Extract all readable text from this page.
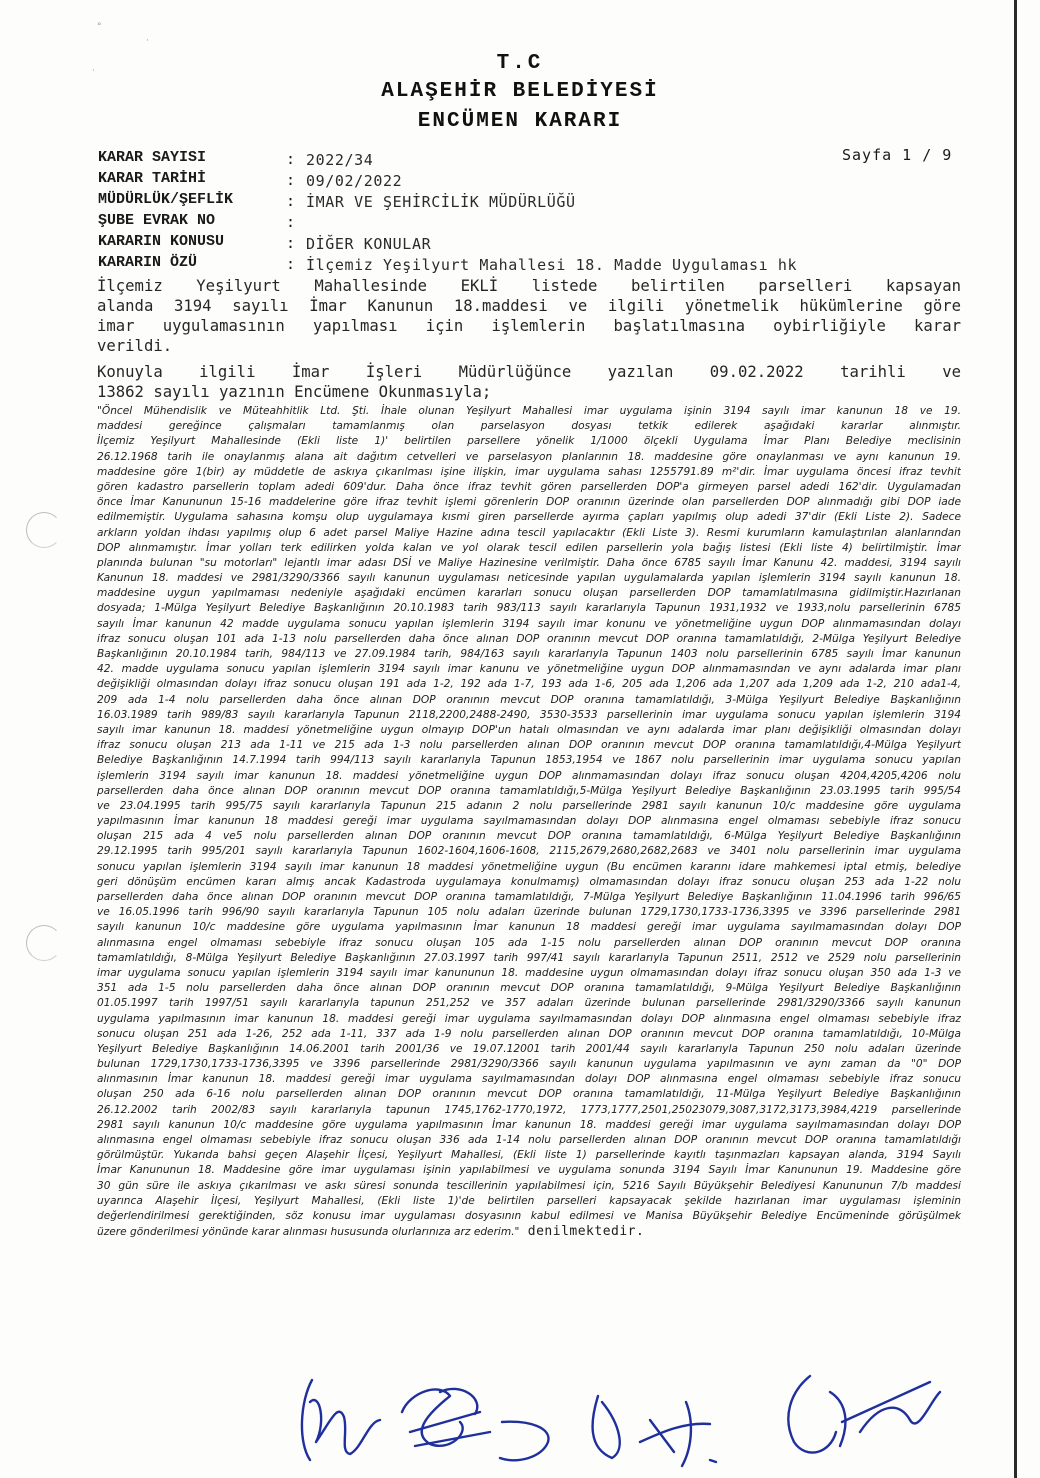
°
·
·	T.C
ALAŞEHİR BELEDİYESİ
ENCÜMEN KARARI
Sayfa 1 / 9
KARAR SAYISI	: 2022/34
KARAR TARİHİ	: 09/02/2022
MÜDÜRLÜK/ŞEFLİK	: İMAR VE ŞEHİRCİLİK MÜDÜRLÜĞÜ
ŞUBE EVRAK NO	:
KARARIN KONUSU	: DİĞER KONULAR
KARARIN ÖZÜ	: İlçemiz Yeşilyurt Mahallesi 18. Madde Uygulaması hk
İlçemiz Yeşilyurt Mahallesinde EKLİ listede belirtilen parselleri kapsayan
alanda 3194 sayılı İmar Kanunun 18.maddesi ve ilgili yönetmelik hükümlerine göre
imar uygulamasının yapılması için işlemlerin başlatılmasına oybirliğiyle karar
verildi.
Konuyla ilgili İmar İşleri Müdürlüğünce yazılan 09.02.2022 tarihli ve
13862 sayılı yazının Encümene Okunmasıyla;
"Öncel Mühendislik ve Müteahhitlik Ltd. Şti. İhale olunan Yeşilyurt Mahallesi imar uygulama işinin 3194 sayılı imar kanunun 18 ve 19.
maddesi gereğince çalışmaları tamamlanmış olan parselasyon dosyası tetkik edilerek aşağıdaki kararlar alınmıştır.
İlçemiz Yeşilyurt Mahallesinde (Ekli liste 1)' belirtilen parsellere yönelik 1/1000 ölçekli Uygulama İmar Planı Belediye meclisinin
26.12.1968 tarih ile onaylanmış alana ait dağıtım cetvelleri ve parselasyon planlarının 18. maddesine göre onaylanması ve aynı kanunun 19.
maddesine göre 1(bir) ay müddetle de askıya çıkarılması işine ilişkin, imar uygulama sahası 1255791.89 m²'dir. İmar uygulama öncesi ifraz tevhit
gören kadastro parsellerin toplam adedi 609'dur. Daha önce ifraz tevhit gören parsellerden DOP'a girmeyen parsel adedi 162'dir. Uygulamadan
önce İmar Kanununun 15-16 maddelerine göre ifraz tevhit işlemi görenlerin DOP oranının üzerinde olan parsellerden DOP alınmadığı gibi DOP iade
edilmemiştir. Uygulama sahasına komşu olup uygulamaya kısmi giren parsellerde ayırma çapları yapılmış olup adedi 37'dir (Ekli Liste 2). Sadece
arkların yoldan ihdası yapılmış olup 6 adet parsel Maliye Hazine adına tescil yapılacaktır (Ekli Liste 3). Resmi kurumların kamulaştırılan alanlarından
DOP alınmamıştır. İmar yolları terk edilirken yolda kalan ve yol olarak tescil edilen parsellerin yola bağış listesi (Ekli liste 4) belirtilmiştir. İmar
planında bulunan "su motorları" lejantlı imar adası DSİ ve Maliye Hazinesine verilmiştir. Daha önce 6785 sayılı İmar Kanunu 42. maddesi, 3194 sayılı
Kanunun 18. maddesi ve 2981/3290/3366 sayılı kanunun uygulaması neticesinde yapılan uygulamalarda yapılan işlemlerin 3194 sayılı kanunun 18.
maddesine uygun yapılmaması nedeniyle aşağıdaki encümen kararları sonucu oluşan parsellerden DOP tamamlatılmasına gidilmiştir.Hazırlanan
dosyada; 1-Mülga Yeşilyurt Belediye Başkanlığının 20.10.1983 tarih 983/113 sayılı kararlarıyla Tapunun 1931,1932 ve 1933,nolu parsellerinin 6785
sayılı İmar kanunun 42 madde uygulama sonucu yapılan işlemlerin 3194 sayılı imar konunu ve yönetmeliğine uygun DOP alınmamasından dolayı
ifraz sonucu oluşan 101 ada 1-13 nolu parsellerden daha önce alınan DOP oranının mevcut DOP oranına tamamlatıldığı, 2-Mülga Yeşilyurt Belediye
Başkanlığının 20.10.1984 tarih, 984/113 ve 27.09.1984 tarih, 984/163 sayılı kararlarıyla Tapunun 1403 nolu parsellerinin 6785 sayılı İmar kanunun
42. madde uygulama sonucu yapılan işlemlerin 3194 sayılı imar kanunu ve yönetmeliğine uygun DOP alınmamasından ve aynı adalarda imar planı
değişikliği olmasından dolayı ifraz sonucu oluşan 191 ada 1-2, 192 ada 1-7, 193 ada 1-6, 205 ada 1,206 ada 1,207 ada 1,209 ada 1-2, 210 ada1-4,
209 ada 1-4 nolu parsellerden daha önce alınan DOP oranının mevcut DOP oranına tamamlatıldığı, 3-Mülga Yeşilyurt Belediye Başkanlığının
16.03.1989 tarih 989/83 sayılı kararlarıyla Tapunun 2118,2200,2488-2490, 3530-3533 parsellerinin imar uygulama sonucu yapılan işlemlerin 3194
sayılı imar kanunun 18. maddesi yönetmeliğine uygun olmayıp DOP'un hatalı olmasından ve aynı adalarda imar planı değişikliği olmasından dolayı
ifraz sonucu oluşan 213 ada 1-11 ve 215 ada 1-3 nolu parsellerden alınan DOP oranının mevcut DOP oranına tamamlatıldığı,4-Mülga Yeşilyurt
Belediye Başkanlığının 14.7.1994 tarih 994/113 sayılı kararlarıyla Tapunun 1853,1954 ve 1867 nolu parsellerinin imar uygulama sonucu yapılan
işlemlerin 3194 sayılı imar kanunun 18. maddesi yönetmeliğine uygun DOP alınmamasından dolayı ifraz sonucu oluşan 4204,4205,4206 nolu
parsellerden daha önce alınan DOP oranının mevcut DOP oranına tamamlatıldığı,5-Mülga Yeşilyurt Belediye Başkanlığının 23.03.1995 tarih 995/54
ve 23.04.1995 tarih 995/75 sayılı kararlarıyla Tapunun 215 adanın 2 nolu parsellerinde 2981 sayılı kanunun 10/c maddesine göre uygulama
yapılmasının İmar kanunun 18 maddesi gereği imar uygulama sayılmamasından dolayı DOP alınmasına engel olmaması sebebiyle ifraz sonucu
oluşan 215 ada 4 ve5 nolu parsellerden alınan DOP oranının mevcut DOP oranına tamamlatıldığı, 6-Mülga Yeşilyurt Belediye Başkanlığının
29.12.1995 tarih 995/201 sayılı kararlarıyla Tapunun 1602-1604,1606-1608, 2115,2679,2680,2682,2683 ve 3401 nolu parsellerinin imar uygulama
sonucu yapılan işlemlerin 3194 sayılı imar kanunun 18 maddesi yönetmeliğine uygun (Bu encümen kararını idare mahkemesi iptal etmiş, belediye
geri dönüşüm encümen kararı almış ancak Kadastroda uygulamaya konulmamış) olmamasından dolayı ifraz sonucu oluşan 253 ada 1-22 nolu
parsellerden daha önce alınan DOP oranının mevcut DOP oranına tamamlatıldığı, 7-Mülga Yeşilyurt Belediye Başkanlığının 11.04.1996 tarih 996/65
ve 16.05.1996 tarih 996/90 sayılı kararlarıyla Tapunun 105 nolu adaları üzerinde bulunan 1729,1730,1733-1736,3395 ve 3396 parsellerinde 2981
sayılı kanunun 10/c maddesine göre uygulama yapılmasının İmar kanunun 18 maddesi gereği imar uygulama sayılmamasından dolayı DOP
alınmasına engel olmaması sebebiyle ifraz sonucu oluşan 105 ada 1-15 nolu parsellerden alınan DOP oranının mevcut DOP oranına
tamamlatıldığı, 8-Mülga Yeşilyurt Belediye Başkanlığının 27.03.1997 tarih 997/41 sayılı kararlarıyla Tapunun 2511, 2512 ve 2529 nolu parsellerinin
imar uygulama sonucu yapılan işlemlerin 3194 sayılı imar kanununun 18. maddesine uygun olmamasından dolayı ifraz sonucu oluşan 350 ada 1-3 ve
351 ada 1-5 nolu parsellerden daha önce alınan DOP oranının mevcut DOP oranına tamamlatıldığı, 9-Mülga Yeşilyurt Belediye Başkanlığının
01.05.1997 tarih 1997/51 sayılı kararlarıyla tapunun 251,252 ve 357 adaları üzerinde bulunan parsellerinde 2981/3290/3366 sayılı kanunun
uygulama yapılmasının imar kanunun 18. maddesi gereği imar uygulama sayılmamasından dolayı DOP alınmasına engel olmaması sebebiyle ifraz
sonucu oluşan 251 ada 1-26, 252 ada 1-11, 337 ada 1-9 nolu parsellerden alınan DOP oranının mevcut DOP oranına tamamlatıldığı, 10-Mülga
Yeşilyurt Belediye Başkanlığının 14.06.2001 tarih 2001/36 ve 19.07.12001 tarih 2001/44 sayılı kararlarıyla Tapunun 250 nolu adaları üzerinde
bulunan 1729,1730,1733-1736,3395 ve 3396 parsellerinde 2981/3290/3366 sayılı kanunun uygulama yapılmasının ve aynı zaman da "0" DOP
alınmasının İmar kanunun 18. maddesi gereği imar uygulama sayılmamasından dolayı DOP alınmasına engel olmaması sebebiyle ifraz sonucu
oluşan 250 ada 6-16 nolu parsellerden alınan DOP oranının mevcut DOP oranına tamamlatıldığı, 11-Mülga Yeşilyurt Belediye Başkanlığının
26.12.2002 tarih 2002/83 sayılı kararlarıyla tapunun 1745,1762-1770,1972, 1773,1777,2501,25023079,3087,3172,3173,3984,4219 parsellerinde
2981 sayılı kanunun 10/c maddesine göre uygulama yapılmasının İmar kanunun 18. maddesi gereği imar uygulama sayılmamasından dolayı DOP
alınmasına engel olmaması sebebiyle ifraz sonucu oluşan 336 ada 1-14 nolu parsellerden alınan DOP oranının mevcut DOP oranına tamamlatıldığı
görülmüştür. Yukarıda bahsi geçen Alaşehir İlçesi, Yeşilyurt Mahallesi, (Ekli liste 1) parsellerinde kayıtlı taşınmazları kapsayan alanda, 3194 Sayılı
İmar Kanununun 18. Maddesine göre imar uygulaması işinin yapılabilmesi ve uygulama sonunda 3194 Sayılı İmar Kanununun 19. Maddesine göre
30 gün süre ile askıya çıkarılması ve askı süresi sonunda tescillerinin yapılabilmesi için, 5216 Sayılı Büyükşehir Belediyesi Kanununun 7/b maddesi
uyarınca Alaşehir İlçesi, Yeşilyurt Mahallesi, (Ekli liste 1)'de belirtilen parselleri kapsayacak şekilde hazırlanan imar uygulaması işleminin
değerlendirilmesi gerektiğinden, söz konusu imar uygulaması dosyasının kabul edilmesi ve Manisa Büyükşehir Belediye Encümeninde görüşülmek
üzere gönderilmesi yönünde karar alınması hususunda olurlarınıza arz ederim." denilmektedir.
